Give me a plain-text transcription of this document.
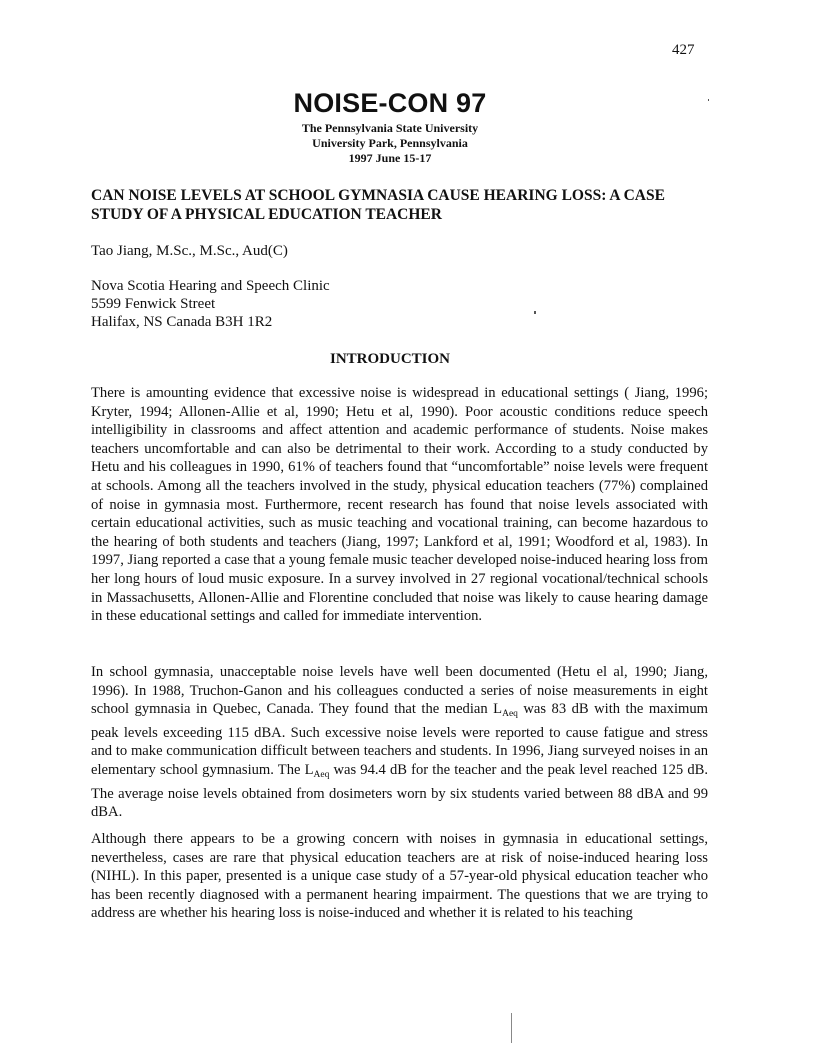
427
NOISE-CON 97
The Pennsylvania State University
University Park, Pennsylvania
1997 June 15-17
CAN NOISE LEVELS AT SCHOOL GYMNASIA CAUSE HEARING LOSS: A CASE
STUDY OF A PHYSICAL EDUCATION TEACHER
Tao Jiang, M.Sc., M.Sc., Aud(C)
Nova Scotia Hearing and Speech Clinic
5599 Fenwick Street
Halifax, NS Canada B3H 1R2
INTRODUCTION

There is amounting evidence that excessive noise is widespread in educational settings ( Jiang, 1996; Kryter, 1994; Allonen-Allie et al, 1990; Hetu et al, 1990). Poor acoustic conditions reduce speech intelligibility in classrooms and affect attention and academic performance of students. Noise makes teachers uncomfortable and can also be detrimental to their work. According to a study conducted by Hetu and his colleagues in 1990, 61% of teachers found that “uncomfortable” noise levels were frequent at schools. Among all the teachers involved in the study, physical education teachers (77%) complained of noise in gymnasia most. Furthermore, recent research has found that noise levels associated with certain educational activities, such as music teaching and vocational training, can become hazardous to the hearing of both students and teachers (Jiang, 1997; Lankford et al, 1991; Woodford et al, 1983). In 1997, Jiang reported a case that a young female music teacher developed noise-induced hearing loss from her long hours of loud music exposure. In a survey involved in 27 regional vocational/technical schools in Massachusetts, Allonen-Allie and Florentine concluded that noise was likely to cause hearing damage in these educational settings and called for immediate intervention.

In school gymnasia, unacceptable noise levels have well been documented (Hetu el al, 1990; Jiang, 1996). In 1988, Truchon-Ganon and his colleagues conducted a series of noise measurements in eight school gymnasia in Quebec, Canada. They found that the median $L_{Aeq}$ was 83 dB with the maximum peak levels exceeding 115 dBA. Such excessive noise levels were reported to cause fatigue and stress and to make communication difficult between teachers and students. In 1996, Jiang surveyed noises in an elementary school gymnasium. The $L_{Aeq}$ was 94.4 dB for the teacher and the peak level reached 125 dB. The average noise levels obtained from dosimeters worn by six students varied between 88 dBA and 99 dBA.

Although there appears to be a growing concern with noises in gymnasia in educational settings, nevertheless, cases are rare that physical education teachers are at risk of noise-induced hearing loss (NIHL). In this paper, presented is a unique case study of a 57-year-old physical education teacher who has been recently diagnosed with a permanent hearing impairment. The questions that we are trying to address are whether his hearing loss is noise-induced and whether it is related to his teaching
